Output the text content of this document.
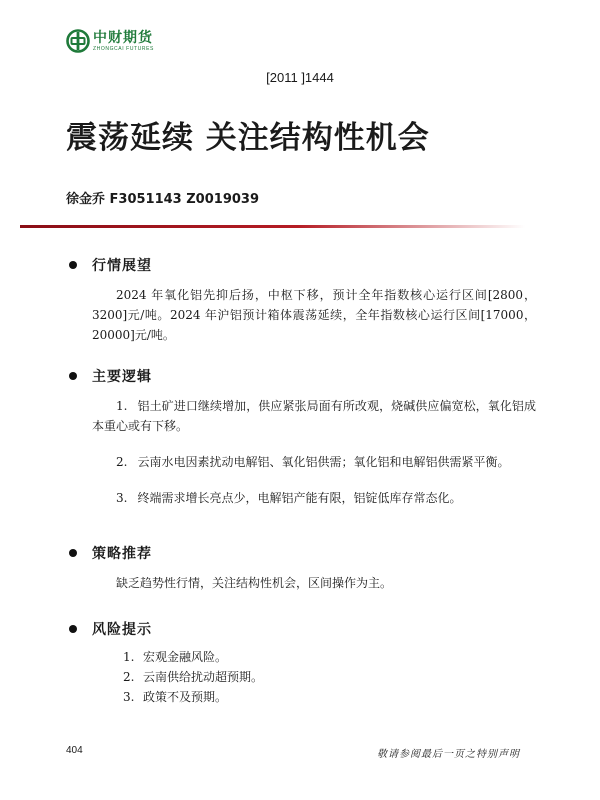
中财期货
ZHONGCAI FUTURES
[2011 ]1444
震荡延续 关注结构性机会
徐金乔 F3051143 Z0019039
行情展望
2024 年氧化铝先抑后扬，中枢下移，预计全年指数核心运行区间[2800，3200]元/吨。2024 年沪铝预计箱体震荡延续，全年指数核心运行区间[17000，20000]元/吨。
主要逻辑
1. 铝土矿进口继续增加，供应紧张局面有所改观，烧碱供应偏宽松，氧化铝成本重心或有下移。
2. 云南水电因素扰动电解铝、氧化铝供需；氧化铝和电解铝供需紧平衡。
3. 终端需求增长亮点少，电解铝产能有限，铝锭低库存常态化。
策略推荐
缺乏趋势性行情，关注结构性机会，区间操作为主。
风险提示
1. 宏观金融风险。
2. 云南供给扰动超预期。
3. 政策不及预期。
404	敬请参阅最后一页之特别声明
